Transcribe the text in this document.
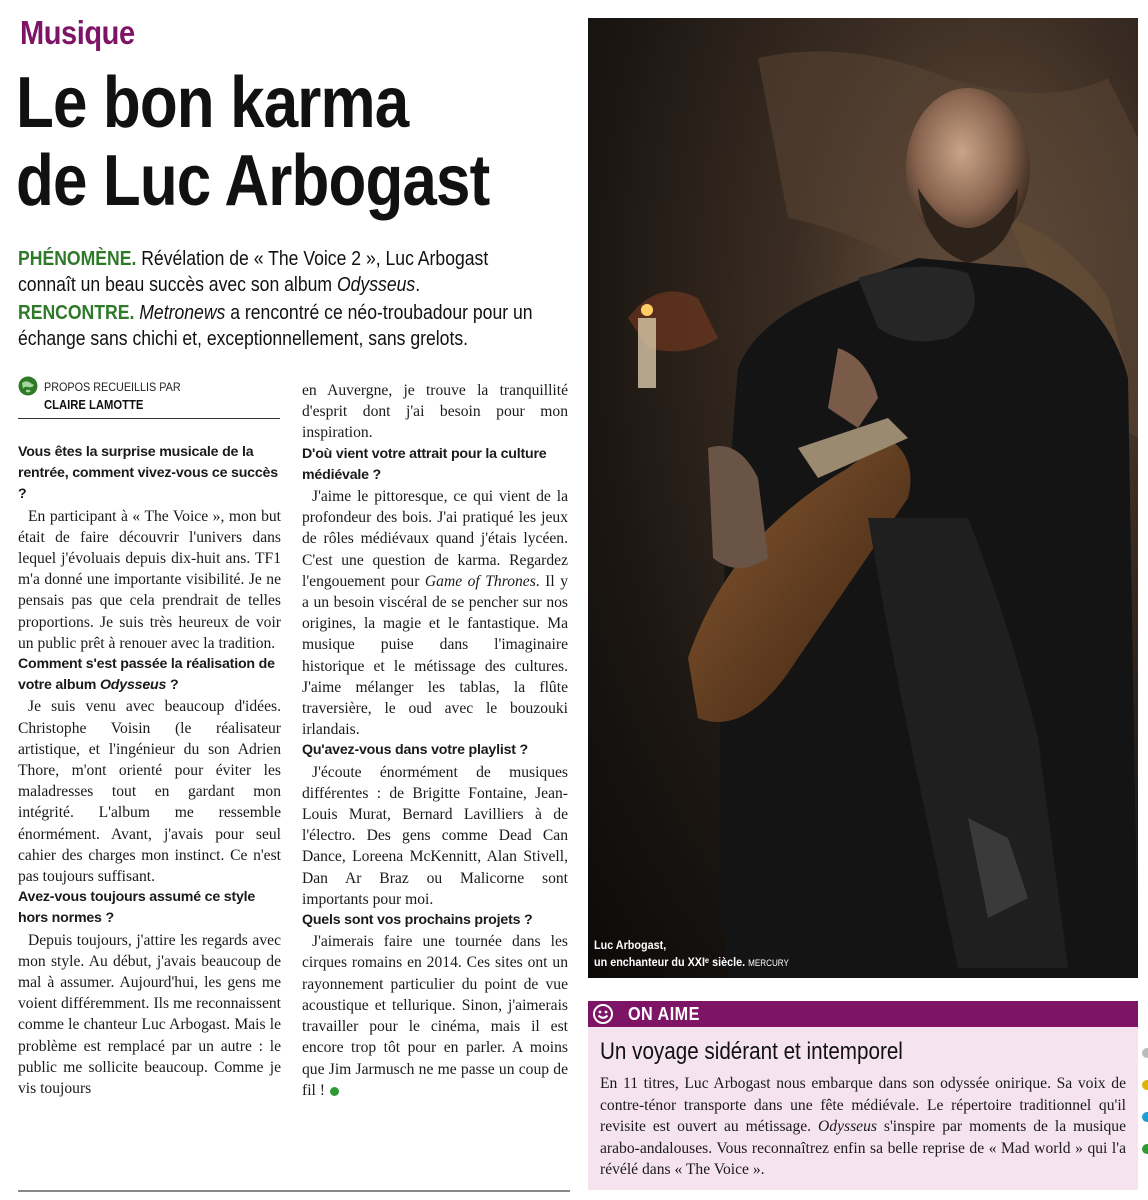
Musique
Le bon karma
de Luc Arbogast
PHÉNOMÈNE. Révélation de « The Voice 2 », Luc Arbogast connaît un beau succès avec son album Odysseus.
RENCONTRE. Metronews a rencontré ce néo-troubadour pour un échange sans chichi et, exceptionnellement, sans grelots.
PROPOS RECUEILLIS PAR
CLAIRE LAMOTTE

Vous êtes la surprise musicale de la rentrée, comment vivez-vous ce succès ?

En participant à « The Voice », mon but était de faire découvrir l'univers dans lequel j'évoluais depuis dix-huit ans. TF1 m'a donné une importante visibilité. Je ne pensais pas que cela prendrait de telles proportions. Je suis très heureux de voir un public prêt à renouer avec la tradition.

Comment s'est passée la réalisation de votre album Odysseus ?

Je suis venu avec beaucoup d'idées. Christophe Voisin (le réalisateur artistique, et l'ingénieur du son Adrien Thore, m'ont orienté pour éviter les maladresses tout en gardant mon intégrité. L'album me ressemble énormément. Avant, j'avais pour seul cahier des charges mon instinct. Ce n'est pas toujours suffisant.

Avez-vous toujours assumé ce style hors normes ?

Depuis toujours, j'attire les regards avec mon style. Au début, j'avais beaucoup de mal à assumer. Aujourd'hui, les gens me voient différemment. Ils me reconnaissent comme le chanteur Luc Arbogast. Mais le problème est remplacé par un autre : le public me sollicite beaucoup. Comme je vis toujours

en Auvergne, je trouve la tranquillité d'esprit dont j'ai besoin pour mon inspiration.

D'où vient votre attrait pour la culture médiévale ?

J'aime le pittoresque, ce qui vient de la profondeur des bois. J'ai pratiqué les jeux de rôles médiévaux quand j'étais lycéen. C'est une question de karma. Regardez l'engouement pour Game of Thrones. Il y a un besoin viscéral de se pencher sur nos origines, la magie et le fantastique. Ma musique puise dans l'imaginaire historique et le métissage des cultures. J'aime mélanger les tablas, la flûte traversière, le oud avec le bouzouki irlandais.

Qu'avez-vous dans votre playlist ?

J'écoute énormément de musiques différentes : de Brigitte Fontaine, Jean-Louis Murat, Bernard Lavilliers à de l'électro. Des gens comme Dead Can Dance, Loreena McKennitt, Alan Stivell, Dan Ar Braz ou Malicorne sont importants pour moi.

Quels sont vos prochains projets ?

J'aimerais faire une tournée dans les cirques romains en 2014. Ces sites ont un rayonnement particulier du point de vue acoustique et tellurique. Sinon, j'aimerais travailler pour le cinéma, mais il est encore trop tôt pour en parler. A moins que Jim Jarmusch ne me passe un coup de fil !

Luc Arbogast,
un enchanteur du XXIᵉ siècle. MERCURY
ON AIME
Un voyage sidérant et intemporel
En 11 titres, Luc Arbogast nous embarque dans son odyssée onirique. Sa voix de contre-ténor transporte dans une fête médiévale. Le répertoire traditionnel qu'il revisite est ouvert au métissage. Odysseus s'inspire par moments de la musique arabo-andalouses. Vous reconnaîtrez enfin sa belle reprise de « Mad world » qui l'a révélé dans « The Voice ».
